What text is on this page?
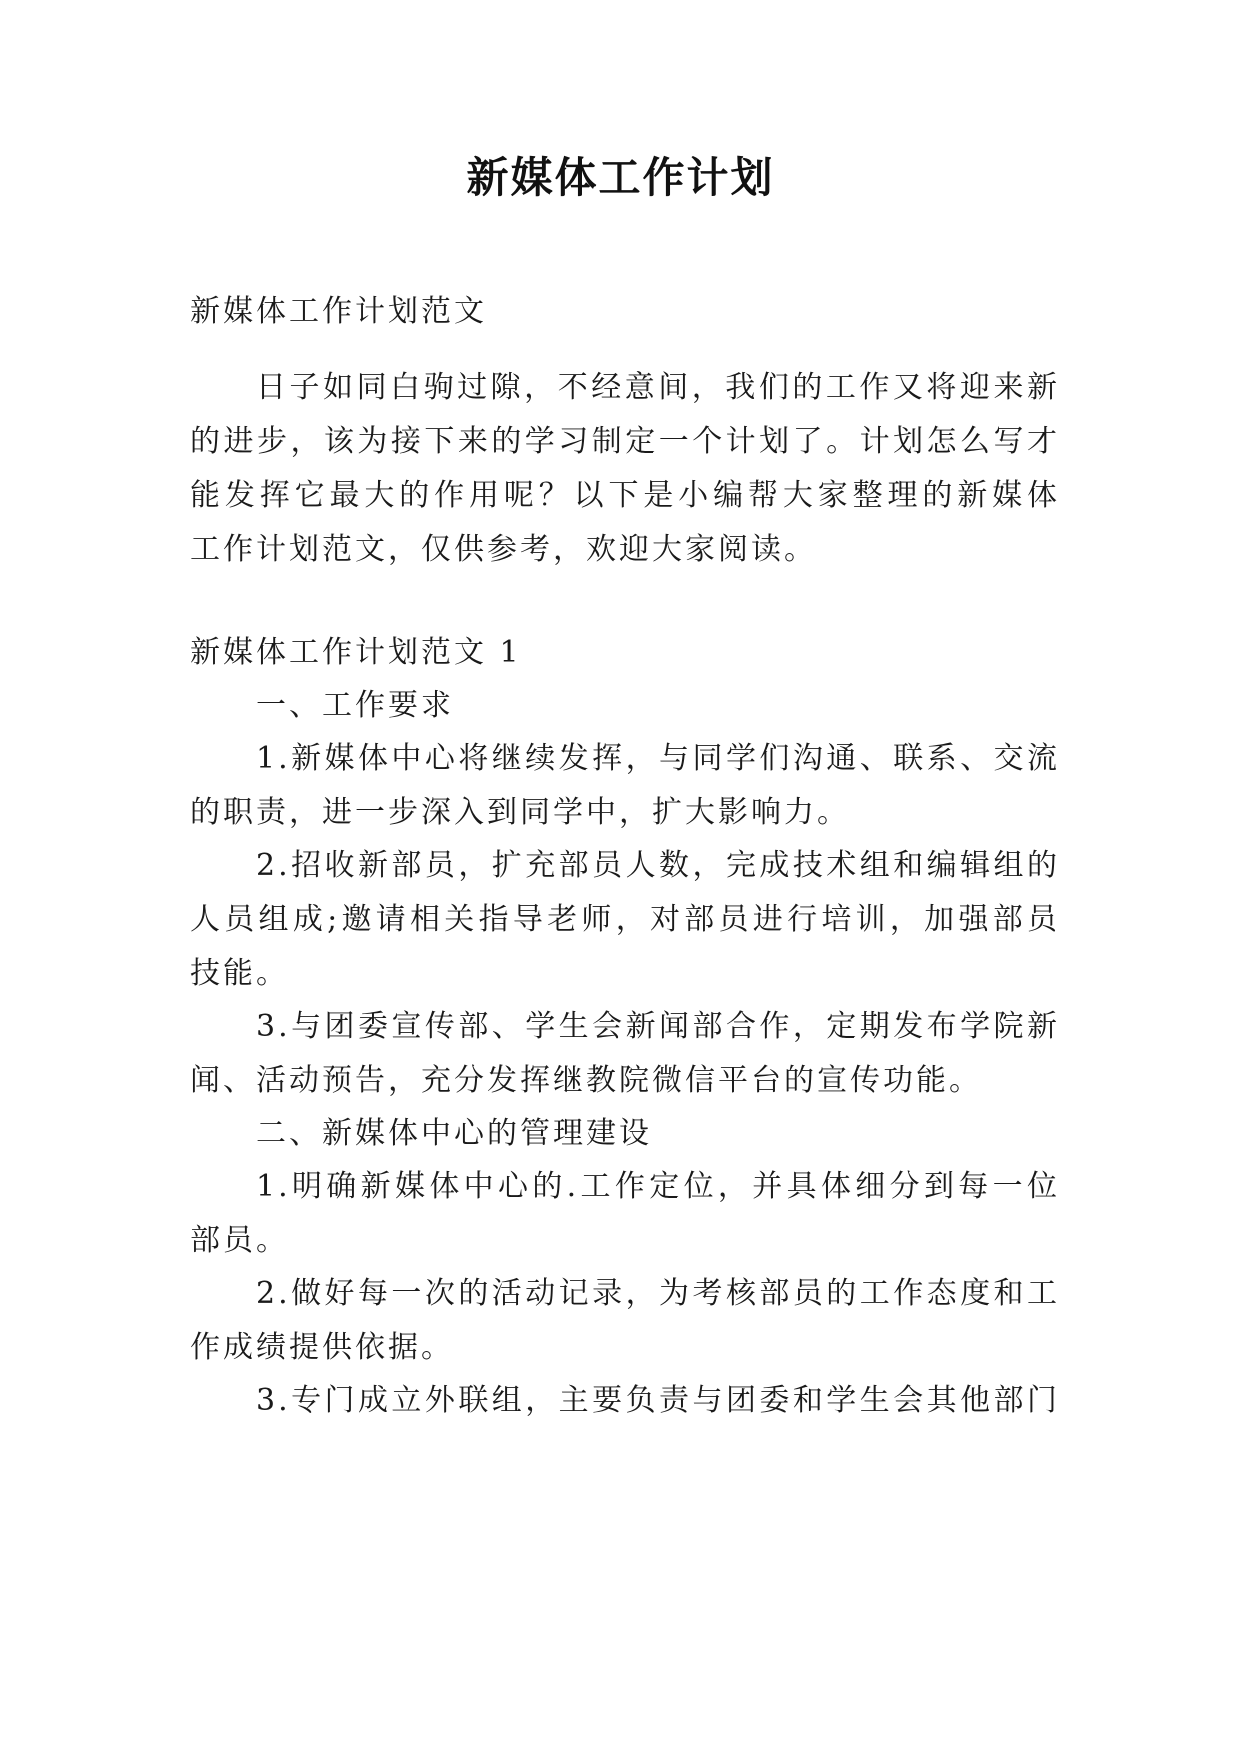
新媒体工作计划
新媒体工作计划范文
日子如同白驹过隙，不经意间，我们的工作又将迎来新
的进步，该为接下来的学习制定一个计划了。计划怎么写才
能发挥它最大的作用呢？以下是小编帮大家整理的新媒体
工作计划范文，仅供参考，欢迎大家阅读。
新媒体工作计划范文 1
一、工作要求
1.新媒体中心将继续发挥，与同学们沟通、联系、交流
的职责，进一步深入到同学中，扩大影响力。
2.招收新部员，扩充部员人数，完成技术组和编辑组的
人员组成;邀请相关指导老师，对部员进行培训，加强部员
技能。
3.与团委宣传部、学生会新闻部合作，定期发布学院新
闻、活动预告，充分发挥继教院微信平台的宣传功能。
二、新媒体中心的管理建设
1.明确新媒体中心的.工作定位，并具体细分到每一位
部员。
2.做好每一次的活动记录，为考核部员的工作态度和工
作成绩提供依据。
3.专门成立外联组，主要负责与团委和学生会其他部门
